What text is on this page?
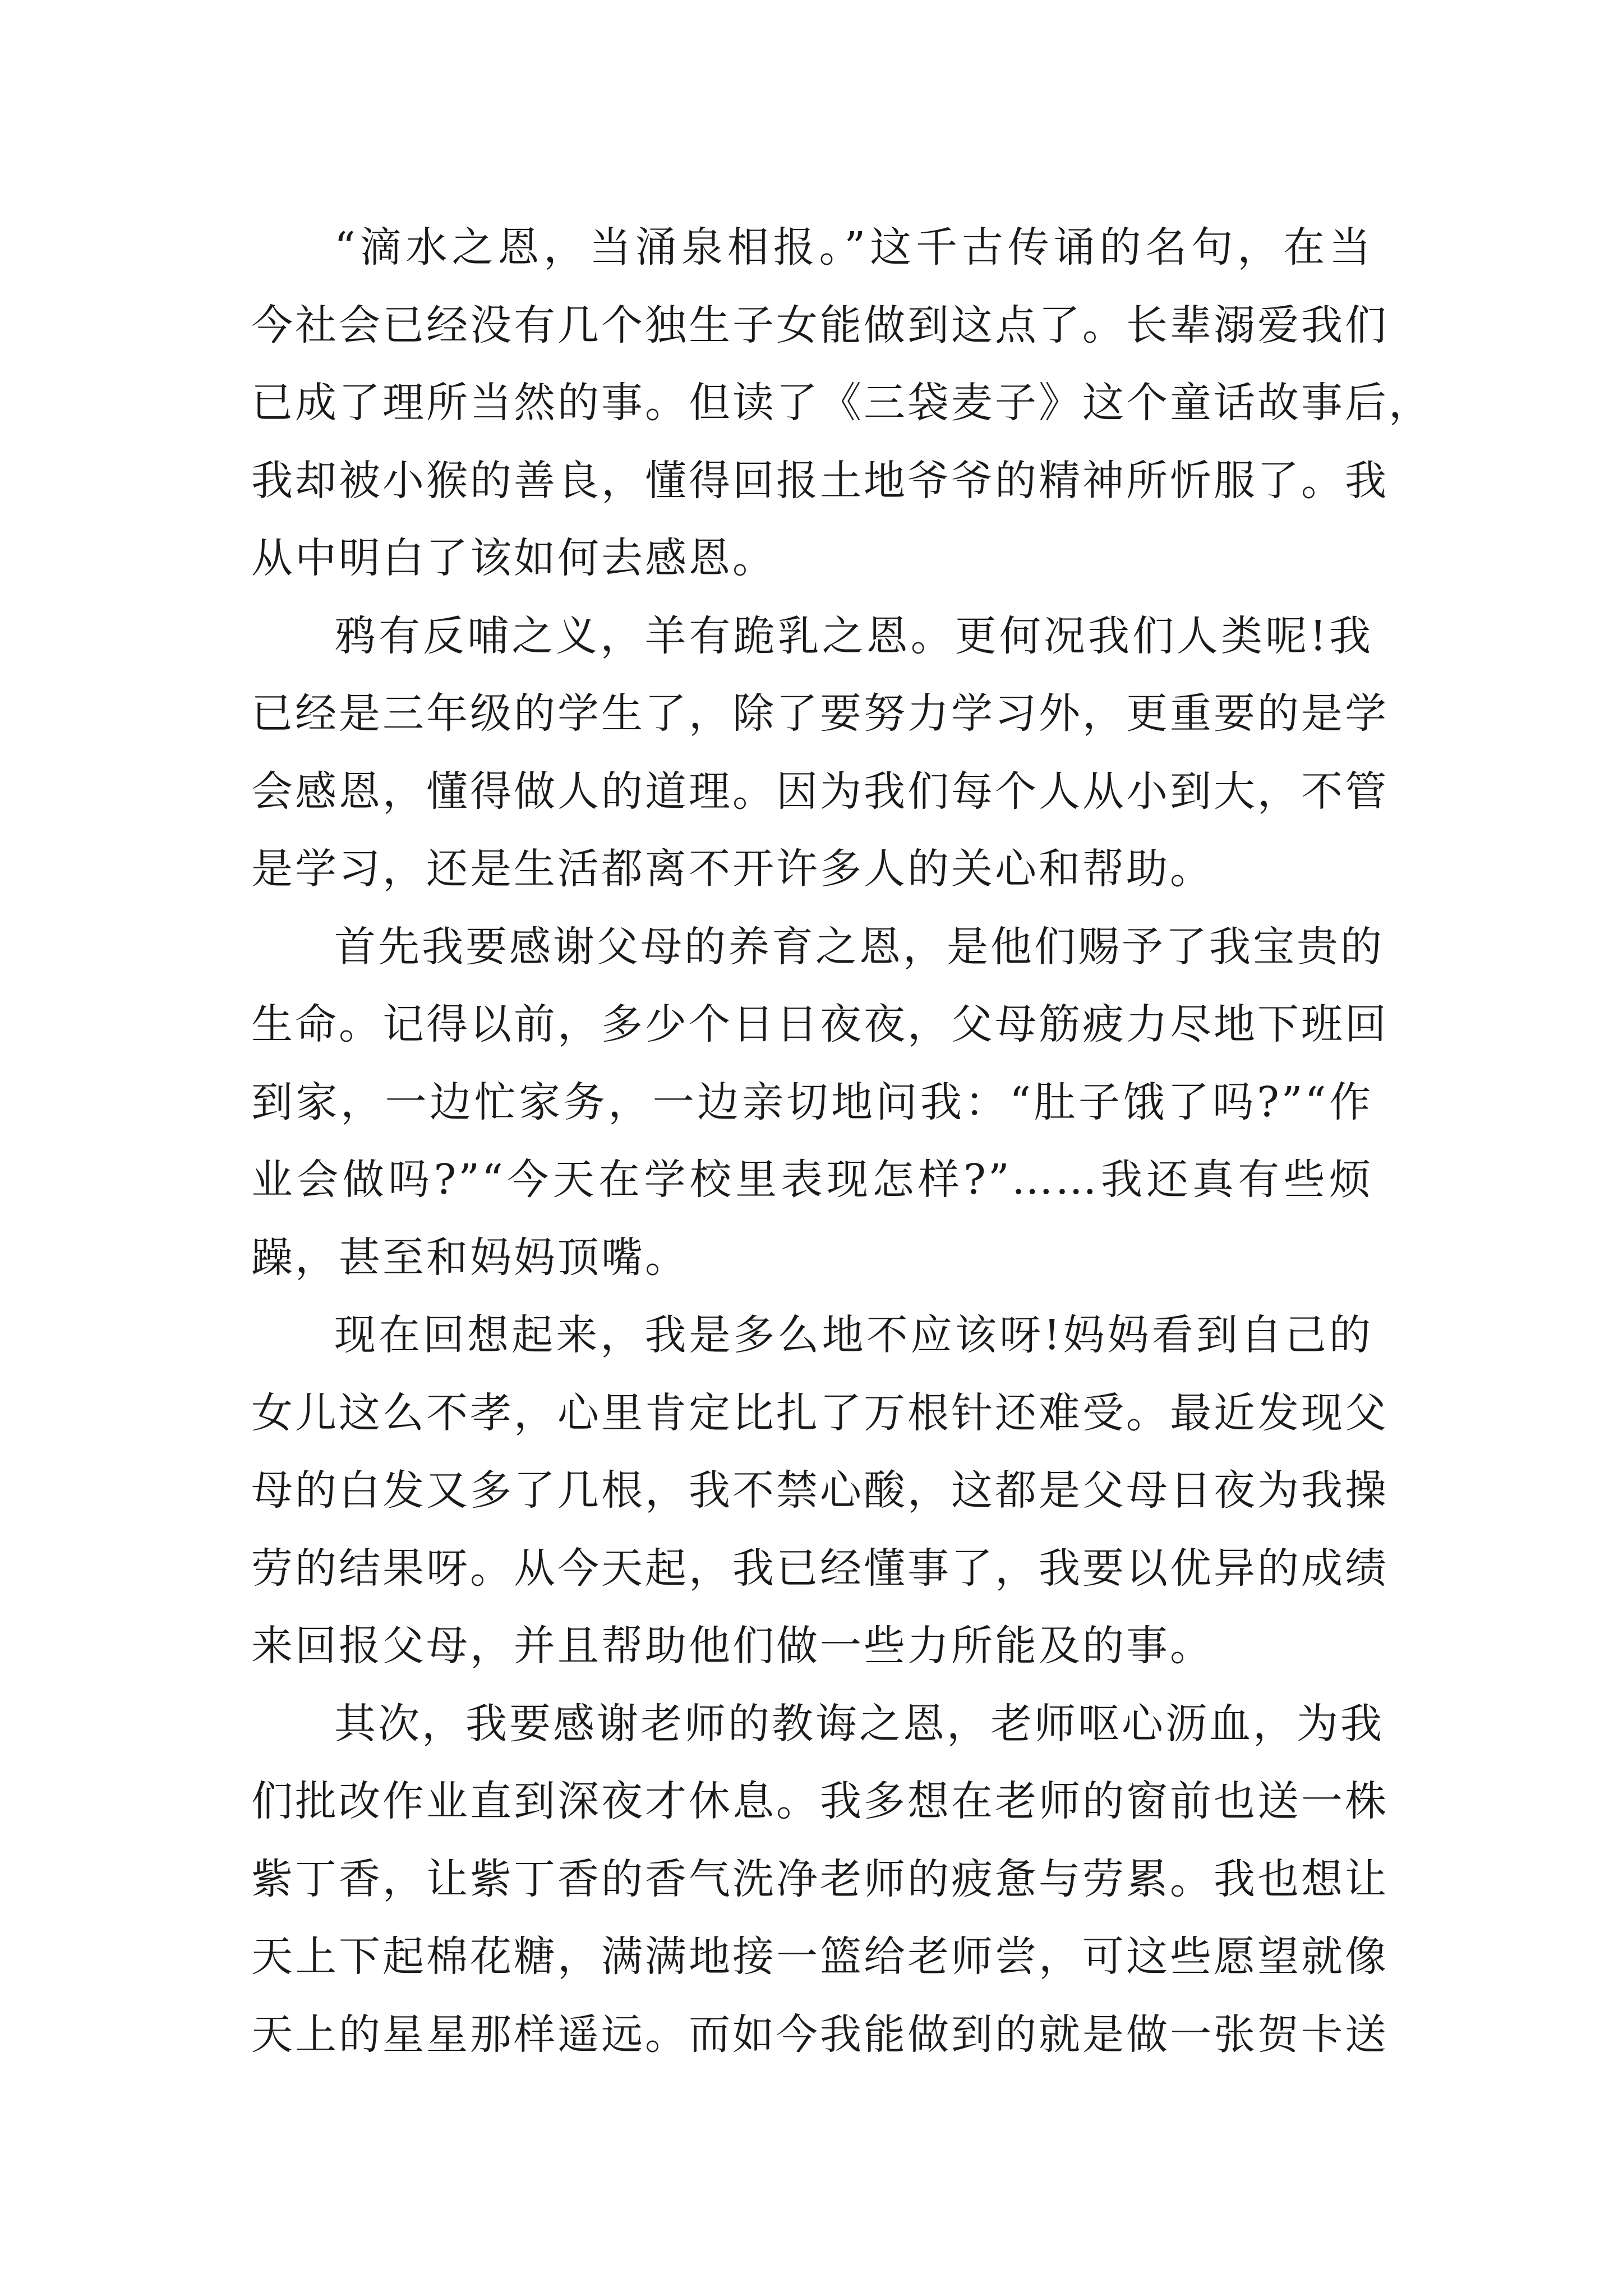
“滴水之恩，当涌泉相报。”这千古传诵的名句，在当
今社会已经没有几个独生子女能做到这点了。长辈溺爱我们
已成了理所当然的事。但读了《三袋麦子》这个童话故事后，
我却被小猴的善良，懂得回报土地爷爷的精神所忻服了。我
从中明白了该如何去感恩。
鸦有反哺之义，羊有跪乳之恩。更何况我们人类呢!我
已经是三年级的学生了，除了要努力学习外，更重要的是学
会感恩，懂得做人的道理。因为我们每个人从小到大，不管
是学习，还是生活都离不开许多人的关心和帮助。
首先我要感谢父母的养育之恩，是他们赐予了我宝贵的
生命。记得以前，多少个日日夜夜，父母筋疲力尽地下班回
到家，一边忙家务，一边亲切地问我：“肚子饿了吗?”“作
业会做吗?”“今天在学校里表现怎样?”……我还真有些烦
躁，甚至和妈妈顶嘴。
现在回想起来，我是多么地不应该呀!妈妈看到自己的
女儿这么不孝，心里肯定比扎了万根针还难受。最近发现父
母的白发又多了几根，我不禁心酸，这都是父母日夜为我操
劳的结果呀。从今天起，我已经懂事了，我要以优异的成绩
来回报父母，并且帮助他们做一些力所能及的事。
其次，我要感谢老师的教诲之恩，老师呕心沥血，为我
们批改作业直到深夜才休息。我多想在老师的窗前也送一株
紫丁香，让紫丁香的香气洗净老师的疲惫与劳累。我也想让
天上下起棉花糖，满满地接一篮给老师尝，可这些愿望就像
天上的星星那样遥远。而如今我能做到的就是做一张贺卡送
